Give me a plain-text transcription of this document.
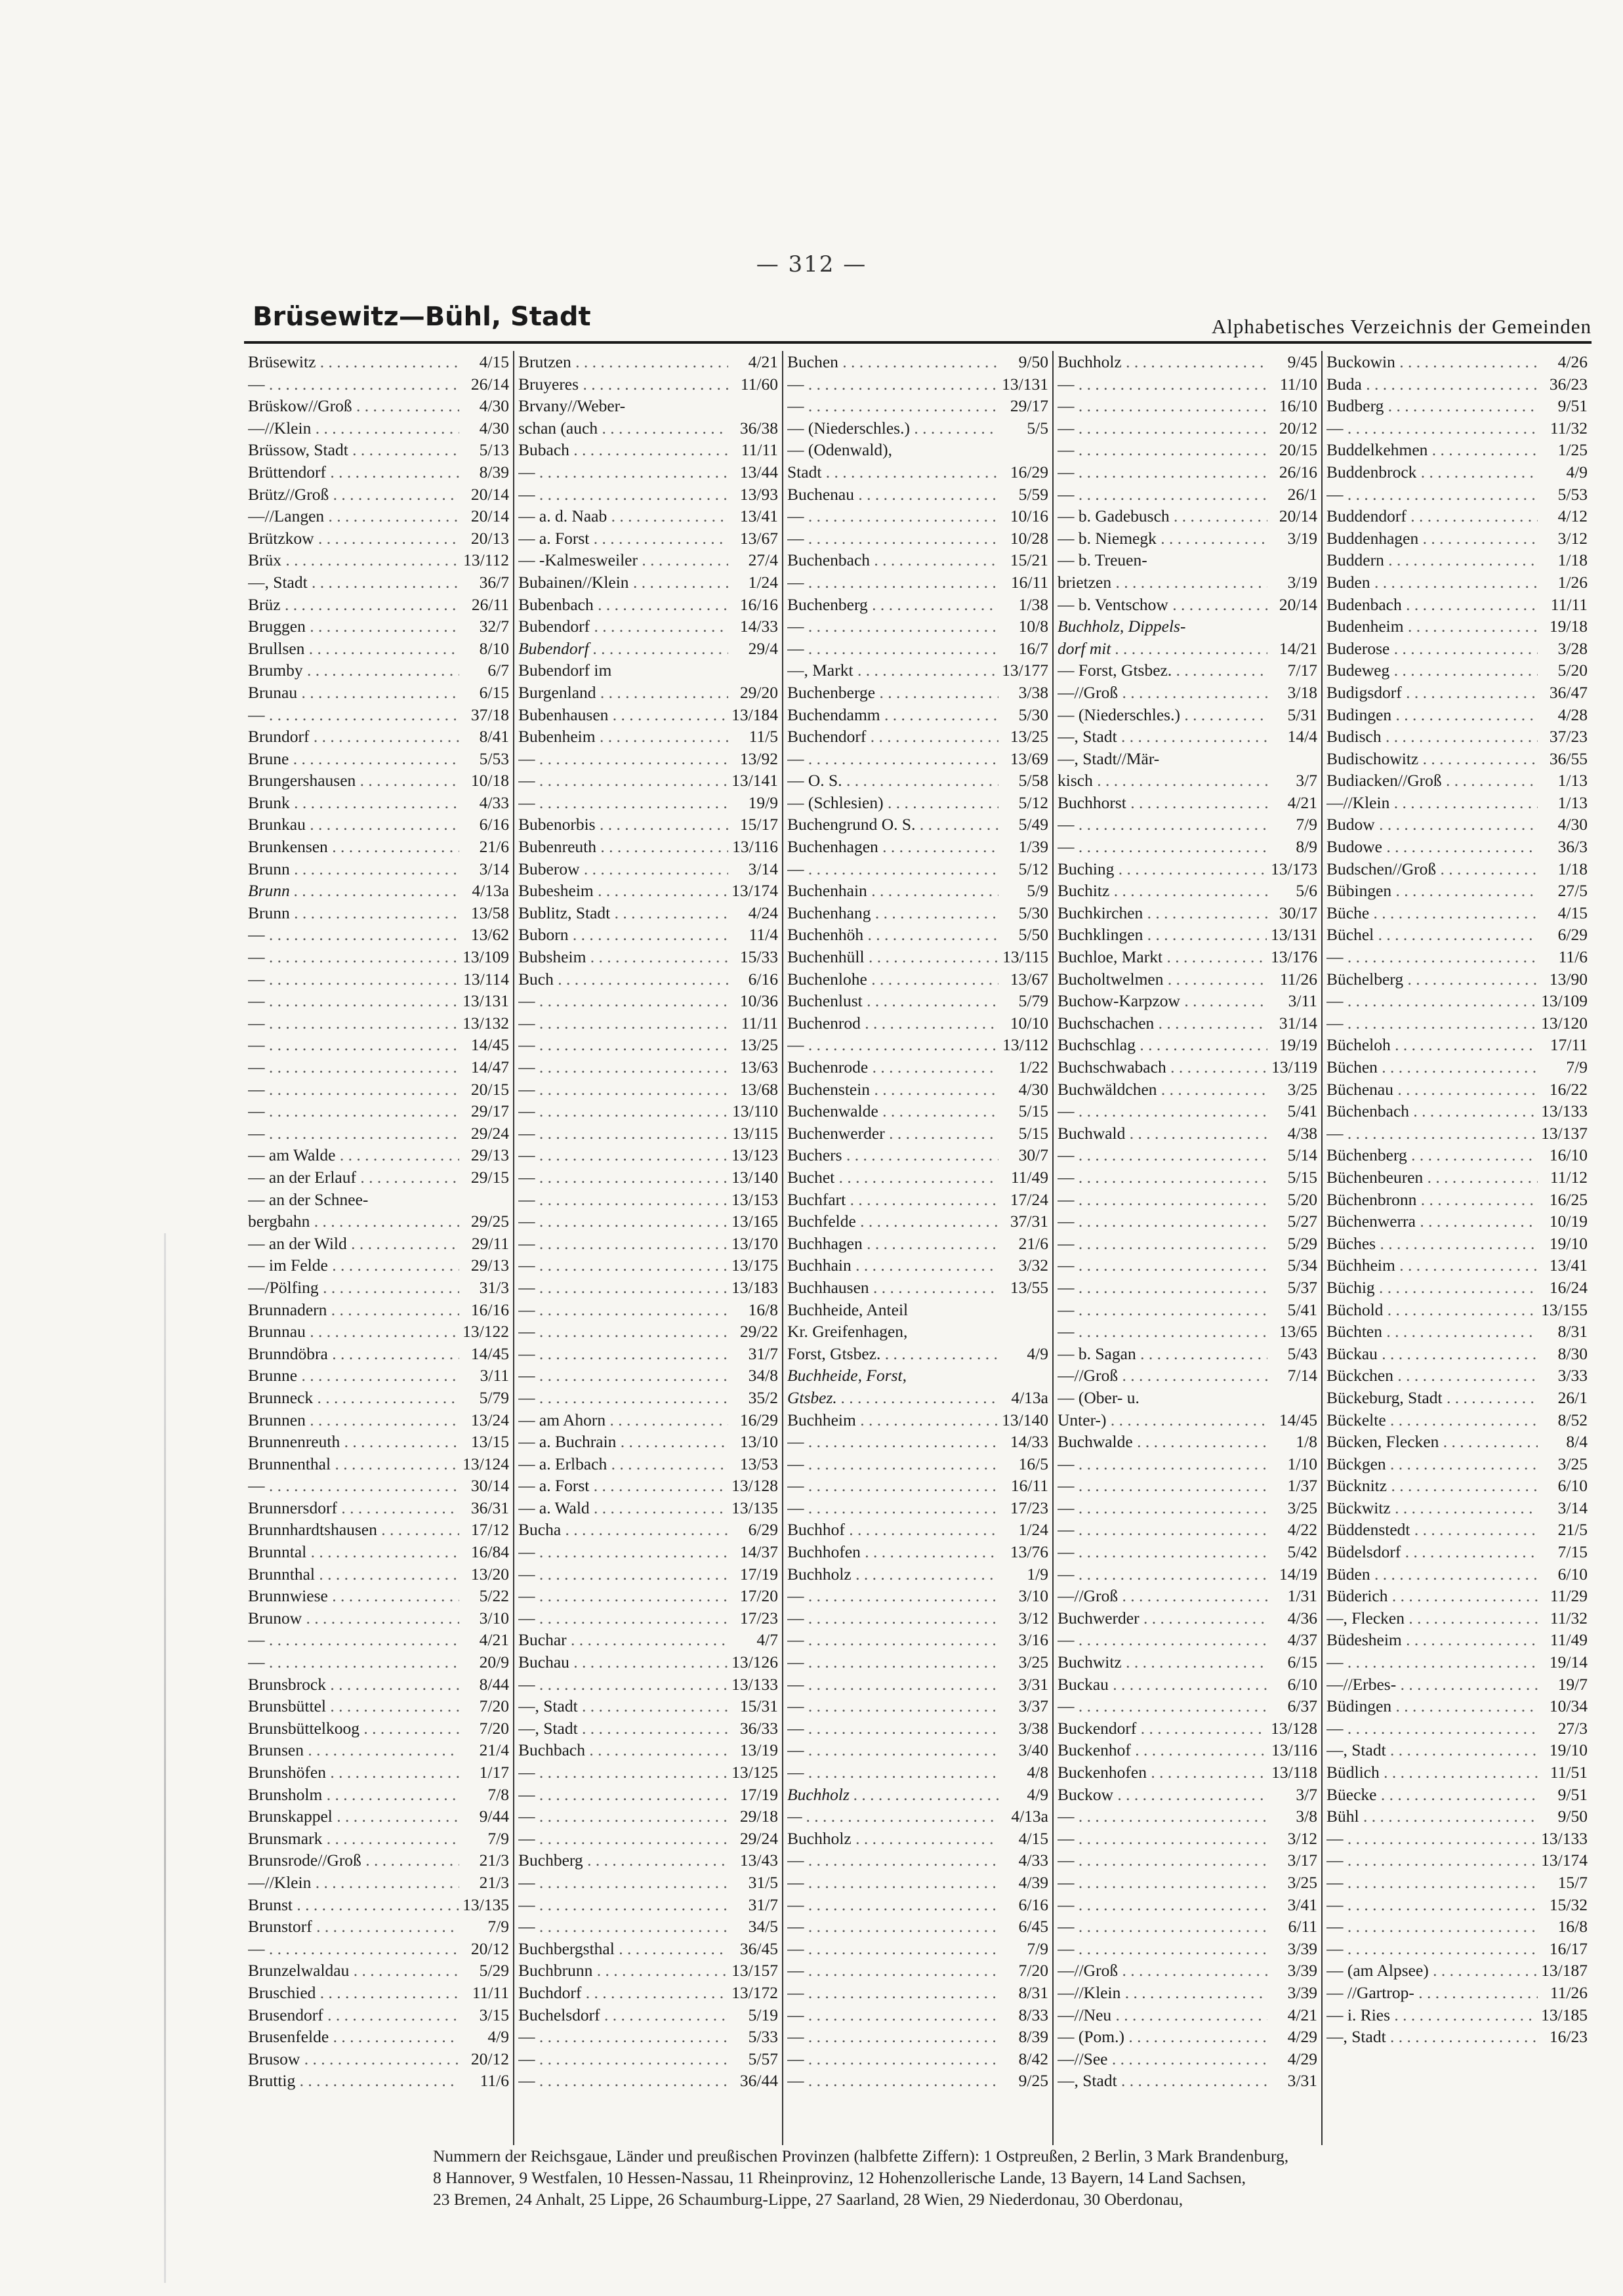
— 312 —
Brüsewitz—Bühl, Stadt	Alphabetisches Verzeichnis der Gemeinden
Brüsewitz . . .	4/15
— . . .	26/14
Brüskow//Groß . . .	4/30
—//Klein . . .	4/30
Brüssow, Stadt . . .	5/13
Brüttendorf . . .	8/39
Brütz//Groß . . .	20/14
—//Langen . . .	20/14
Brützkow . . .	20/13
Brüx . . .	13/112
—, Stadt . . .	36/7
Brüz . . .	26/11
Bruggen . . .	32/7
Brullsen . . .	8/10
Brumby . . .	6/7
Brunau . . .	6/15
— . . .	37/18
Brundorf . . .	8/41
Brune . . .	5/53
Brungershausen . . .	10/18
Brunk . . .	4/33
Brunkau . . .	6/16
Brunkensen . . .	21/6
Brunn . . .	3/14
Brunn . . .	4/13a
Brunn . . .	13/58
— . . .	13/62
— . . .	13/109
— . . .	13/114
— . . .	13/131
— . . .	13/132
— . . .	14/45
— . . .	14/47
— . . .	20/15
— . . .	29/17
— . . .	29/24
— am Walde . . .	29/13
— an der Erlauf . . .	29/15
— an der Schnee-
bergbahn . . .	29/25
— an der Wild . . .	29/11
— im Felde . . .	29/13
—/Pölfing . . .	31/3
Brunnadern . . .	16/16
Brunnau . . .	13/122
Brunndöbra . . .	14/45
Brunne . . .	3/11
Brunneck . . .	5/79
Brunnen . . .	13/24
Brunnenreuth . . .	13/15
Brunnenthal . . .	13/124
— . . .	30/14
Brunnersdorf . . .	36/31
Brunnhardtshausen . . .	17/12
Brunntal . . .	16/84
Brunnthal . . .	13/20
Brunnwiese . . .	5/22
Brunow . . .	3/10
— . . .	4/21
— . . .	20/9
Brunsbrock . . .	8/44
Brunsbüttel . . .	7/20
Brunsbüttelkoog . . .	7/20
Brunsen . . .	21/4
Brunshöfen . . .	1/17
Brunsholm . . .	7/8
Brunskappel . . .	9/44
Brunsmark . . .	7/9
Brunsrode//Groß . . .	21/3
—//Klein . . .	21/3
Brunst . . .	13/135
Brunstorf . . .	7/9
— . . .	20/12
Brunzelwaldau . . .	5/29
Bruschied . . .	11/11
Brusendorf . . .	3/15
Brusenfelde . . .	4/9
Brusow . . .	20/12
Bruttig . . .	11/6
Brutzen . . .	4/21
Bruyeres . . .	11/60
Brvany//Weber-
schan (auch . . .	36/38
Bubach . . .	11/11
— . . .	13/44
— . . .	13/93
— a. d. Naab . . .	13/41
— a. Forst . . .	13/67
— -Kalmesweiler . . .	27/4
Bubainen//Klein . . .	1/24
Bubenbach . . .	16/16
Bubendorf . . .	14/33
Bubendorf . . .	29/4
Bubendorf im
Burgenland . . .	29/20
Bubenhausen . . .	13/184
Bubenheim . . .	11/5
— . . .	13/92
— . . .	13/141
— . . .	19/9
Bubenorbis . . .	15/17
Bubenreuth . . .	13/116
Buberow . . .	3/14
Bubesheim . . .	13/174
Bublitz, Stadt . . .	4/24
Buborn . . .	11/4
Bubsheim . . .	15/33
Buch . . .	6/16
— . . .	10/36
— . . .	11/11
— . . .	13/25
— . . .	13/63
— . . .	13/68
— . . .	13/110
— . . .	13/115
— . . .	13/123
— . . .	13/140
— . . .	13/153
— . . .	13/165
— . . .	13/170
— . . .	13/175
— . . .	13/183
— . . .	16/8
— . . .	29/22
— . . .	31/7
— . . .	34/8
— . . .	35/2
— am Ahorn . . .	16/29
— a. Buchrain . . .	13/10
— a. Erlbach . . .	13/53
— a. Forst . . .	13/128
— a. Wald . . .	13/135
Bucha . . .	6/29
— . . .	14/37
— . . .	17/19
— . . .	17/20
— . . .	17/23
Buchar . . .	4/7
Buchau . . .	13/126
— . . .	13/133
—, Stadt . . .	15/31
—, Stadt . . .	36/33
Buchbach . . .	13/19
— . . .	13/125
— . . .	17/19
— . . .	29/18
— . . .	29/24
Buchberg . . .	13/43
— . . .	31/5
— . . .	31/7
— . . .	34/5
Buchbergsthal . . .	36/45
Buchbrunn . . .	13/157
Buchdorf . . .	13/172
Buchelsdorf . . .	5/19
— . . .	5/33
— . . .	5/57
— . . .	36/44
Buchen . . .	9/50
— . . .	13/131
— . . .	29/17
— (Niederschles.) . . .	5/5
— (Odenwald),
Stadt . . .	16/29
Buchenau . . .	5/59
— . . .	10/16
— . . .	10/28
Buchenbach . . .	15/21
— . . .	16/11
Buchenberg . . .	1/38
— . . .	10/8
— . . .	16/7
—, Markt . . .	13/177
Buchenberge . . .	3/38
Buchendamm . . .	5/30
Buchendorf . . .	13/25
— . . .	13/69
— O. S. . . .	5/58
— (Schlesien) . . .	5/12
Buchengrund O. S. . . .	5/49
Buchenhagen . . .	1/39
— . . .	5/12
Buchenhain . . .	5/9
Buchenhang . . .	5/30
Buchenhöh . . .	5/50
Buchenhüll . . .	13/115
Buchenlohe . . .	13/67
Buchenlust . . .	5/79
Buchenrod . . .	10/10
— . . .	13/112
Buchenrode . . .	1/22
Buchenstein . . .	4/30
Buchenwalde . . .	5/15
Buchenwerder . . .	5/15
Buchers . . .	30/7
Buchet . . .	11/49
Buchfart . . .	17/24
Buchfelde . . .	37/31
Buchhagen . . .	21/6
Buchhain . . .	3/32
Buchhausen . . .	13/55
Buchheide, Anteil
Kr. Greifenhagen,
Forst, Gtsbez. . . .	4/9
Buchheide, Forst,
Gtsbez. . . .	4/13a
Buchheim . . .	13/140
— . . .	14/33
— . . .	16/5
— . . .	16/11
— . . .	17/23
Buchhof . . .	1/24
Buchhofen . . .	13/76
Buchholz . . .	1/9
— . . .	3/10
— . . .	3/12
— . . .	3/16
— . . .	3/25
— . . .	3/31
— . . .	3/37
— . . .	3/38
— . . .	3/40
— . . .	4/8
Buchholz . . .	4/9
— . . .	4/13a
Buchholz . . .	4/15
— . . .	4/33
— . . .	4/39
— . . .	6/16
— . . .	6/45
— . . .	7/9
— . . .	7/20
— . . .	8/31
— . . .	8/33
— . . .	8/39
— . . .	8/42
— . . .	9/25
Buchholz . . .	9/45
— . . .	11/10
— . . .	16/10
— . . .	20/12
— . . .	20/15
— . . .	26/16
— . . .	26/1
— b. Gadebusch . . .	20/14
— b. Niemegk . . .	3/19
— b. Treuen-
brietzen . . .	3/19
— b. Ventschow . . .	20/14
Buchholz, Dippels-
dorf mit . . .	14/21
— Forst, Gtsbez. . . .	7/17
—//Groß . . .	3/18
— (Niederschles.) . . .	5/31
—, Stadt . . .	14/4
—, Stadt//Mär-
kisch . . .	3/7
Buchhorst . . .	4/21
— . . .	7/9
— . . .	8/9
Buching . . .	13/173
Buchitz . . .	5/6
Buchkirchen . . .	30/17
Buchklingen . . .	13/131
Buchloe, Markt . . .	13/176
Bucholtwelmen . . .	11/26
Buchow-Karpzow . . .	3/11
Buchschachen . . .	31/14
Buchschlag . . .	19/19
Buchschwabach . . .	13/119
Buchwäldchen . . .	3/25
— . . .	5/41
Buchwald . . .	4/38
— . . .	5/14
— . . .	5/15
— . . .	5/20
— . . .	5/27
— . . .	5/29
— . . .	5/34
— . . .	5/37
— . . .	5/41
— . . .	13/65
— b. Sagan . . .	5/43
—//Groß . . .	7/14
— (Ober- u.
Unter-) . . .	14/45
Buchwalde . . .	1/8
— . . .	1/10
— . . .	1/37
— . . .	3/25
— . . .	4/22
— . . .	5/42
— . . .	14/19
—//Groß . . .	1/31
Buchwerder . . .	4/36
— . . .	4/37
Buchwitz . . .	6/15
Buckau . . .	6/10
— . . .	6/37
Buckendorf . . .	13/128
Buckenhof . . .	13/116
Buckenhofen . . .	13/118
Buckow . . .	3/7
— . . .	3/8
— . . .	3/12
— . . .	3/17
— . . .	3/25
— . . .	3/41
— . . .	6/11
— . . .	3/39
—//Groß . . .	3/39
—//Klein . . .	3/39
—//Neu . . .	4/21
— (Pom.) . . .	4/29
—//See . . .	4/29
—, Stadt . . .	3/31
Buckowin . . .	4/26
Buda . . .	36/23
Budberg . . .	9/51
— . . .	11/32
Buddelkehmen . . .	1/25
Buddenbrock . . .	4/9
— . . .	5/53
Buddendorf . . .	4/12
Buddenhagen . . .	3/12
Buddern . . .	1/18
Buden . . .	1/26
Budenbach . . .	11/11
Budenheim . . .	19/18
Buderose . . .	3/28
Budeweg . . .	5/20
Budigsdorf . . .	36/47
Budingen . . .	4/28
Budisch . . .	37/23
Budischowitz . . .	36/55
Budiacken//Groß . . .	1/13
—//Klein . . .	1/13
Budow . . .	4/30
Budowe . . .	36/3
Budschen//Groß . . .	1/18
Bübingen . . .	27/5
Büche . . .	4/15
Büchel . . .	6/29
— . . .	11/6
Büchelberg . . .	13/90
— . . .	13/109
— . . .	13/120
Bücheloh . . .	17/11
Büchen . . .	7/9
Büchenau . . .	16/22
Büchenbach . . .	13/133
— . . .	13/137
Büchenberg . . .	16/10
Büchenbeuren . . .	11/12
Büchenbronn . . .	16/25
Büchenwerra . . .	10/19
Büches . . .	19/10
Büchheim . . .	13/41
Büchig . . .	16/24
Büchold . . .	13/155
Büchten . . .	8/31
Bückau . . .	8/30
Bückchen . . .	3/33
Bückeburg, Stadt . . .	26/1
Bückelte . . .	8/52
Bücken, Flecken . . .	8/4
Bückgen . . .	3/25
Bücknitz . . .	6/10
Bückwitz . . .	3/14
Büddenstedt . . .	21/5
Büdelsdorf . . .	7/15
Büden . . .	6/10
Büderich . . .	11/29
—, Flecken . . .	11/32
Büdesheim . . .	11/49
— . . .	19/14
—//Erbes- . . .	19/7
Büdingen . . .	10/34
— . . .	27/3
—, Stadt . . .	19/10
Büdlich . . .	11/51
Büecke . . .	9/51
Bühl . . .	9/50
— . . .	13/133
— . . .	13/174
— . . .	15/7
— . . .	15/32
— . . .	16/8
— . . .	16/17
— (am Alpsee) . . .	13/187
— //Gartrop- . . .	11/26
— i. Ries . . .	13/185
—, Stadt . . .	16/23
Nummern der Reichsgaue, Länder und preußischen Provinzen (halbfette Ziffern): 1 Ostpreußen, 2 Berlin, 3 Mark Brandenburg,
8 Hannover, 9 Westfalen, 10 Hessen-Nassau, 11 Rheinprovinz, 12 Hohenzollerische Lande, 13 Bayern, 14 Land Sachsen,
23 Bremen, 24 Anhalt, 25 Lippe, 26 Schaumburg-Lippe, 27 Saarland, 28 Wien, 29 Niederdonau, 30 Oberdonau,
